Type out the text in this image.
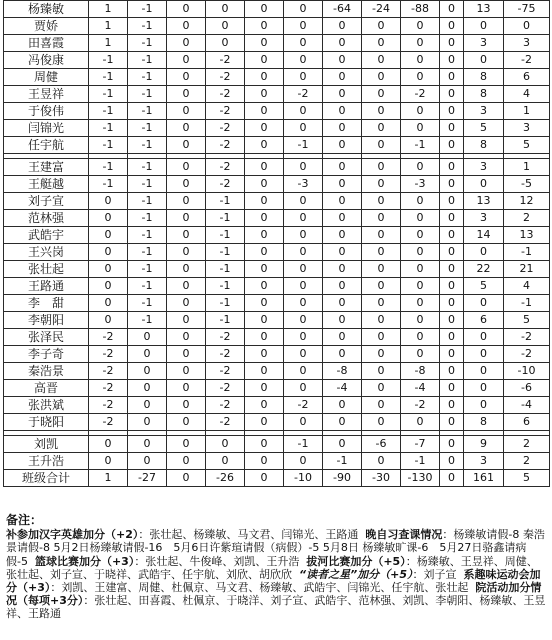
杨臻敏	1	-1	0	0	0	0	-64	-24	-88	0	13	-75
贾娇	1	-1	0	0	0	0	0	0	0	0	0	0
田喜霞	1	-1	0	0	0	0	0	0	0	0	3	3
冯俊康	-1	-1	0	-2	0	0	0	0	0	0	0	-2
周健	-1	-1	0	-2	0	0	0	0	0	0	8	6
王昱祥	-1	-1	0	-2	0	-2	0	0	-2	0	8	4
于俊伟	-1	-1	0	-2	0	0	0	0	0	0	3	1
闫锦光	-1	-1	0	-2	0	0	0	0	0	0	5	3
任宇航	-1	-1	0	-2	0	-1	0	0	-1	0	8	5

王建富	-1	-1	0	-2	0	0	0	0	0	0	3	1
王艇越	-1	-1	0	-2	0	-3	0	0	-3	0	0	-5
刘子宣	0	-1	0	-1	0	0	0	0	0	0	13	12
范林强	0	-1	0	-1	0	0	0	0	0	0	3	2
武皓宇	0	-1	0	-1	0	0	0	0	0	0	14	13
王兴岗	0	-1	0	-1	0	0	0	0	0	0	0	-1
张壮起	0	-1	0	-1	0	0	0	0	0	0	22	21
王路通	0	-1	0	-1	0	0	0	0	0	0	5	4
李　甜	0	-1	0	-1	0	0	0	0	0	0	0	-1
李朝阳	0	-1	0	-1	0	0	0	0	0	0	6	5
张泽民	-2	0	0	-2	0	0	0	0	0	0	0	-2
李子奇	-2	0	0	-2	0	0	0	0	0	0	0	-2
秦浩景	-2	0	0	-2	0	0	-8	0	-8	0	0	-10
高晋	-2	0	0	-2	0	0	-4	0	-4	0	0	-6
张洪斌	-2	0	0	-2	0	-2	0	0	-2	0	0	-4
于晓阳	-2	0	0	-2	0	0	0	0	0	0	8	6

刘凯	0	0	0	0	0	-1	0	-6	-7	0	9	2
王升浩	0	0	0	0	0	0	-1	0	-1	0	3	2
班级合计	1	-27	0	-26	0	-10	-90	-30	-130	0	161	5
备注：
补参加汉字英雄加分（+2）：张壮起、杨臻敏、马文君、闫锦光、王路通 晚自习查课情况：杨臻敏请假-8 秦浩景请假-8 5月2日杨臻敏请假-16　5月6日许紫瑄请假（病假）-5 5月8日 杨臻敏旷课-6　5月27日骆鑫请病假-5 篮球比赛加分（+3）：张壮起、牛俊峰、刘凯、王升浩 拔河比赛加分（+5）：杨臻敏、王昱祥、周健、张壮起、刘子宣、于晓祥、武皓宇、任宇航、刘欣、胡欣欣 “读者之星”加分（+5）：刘子宣 系趣味运动会加分（+3）：刘凯、王建富、周健、杜佩京、马文君、杨臻敏、武皓宇、闫锦光、任宇航、张壮起 院活动加分情况（每项+3分）：张壮起、田喜霞、杜佩京、于晓洋、刘子宣、武皓宇、范林强、刘凯、李朝阳、杨臻敏、王昱祥、王路通
